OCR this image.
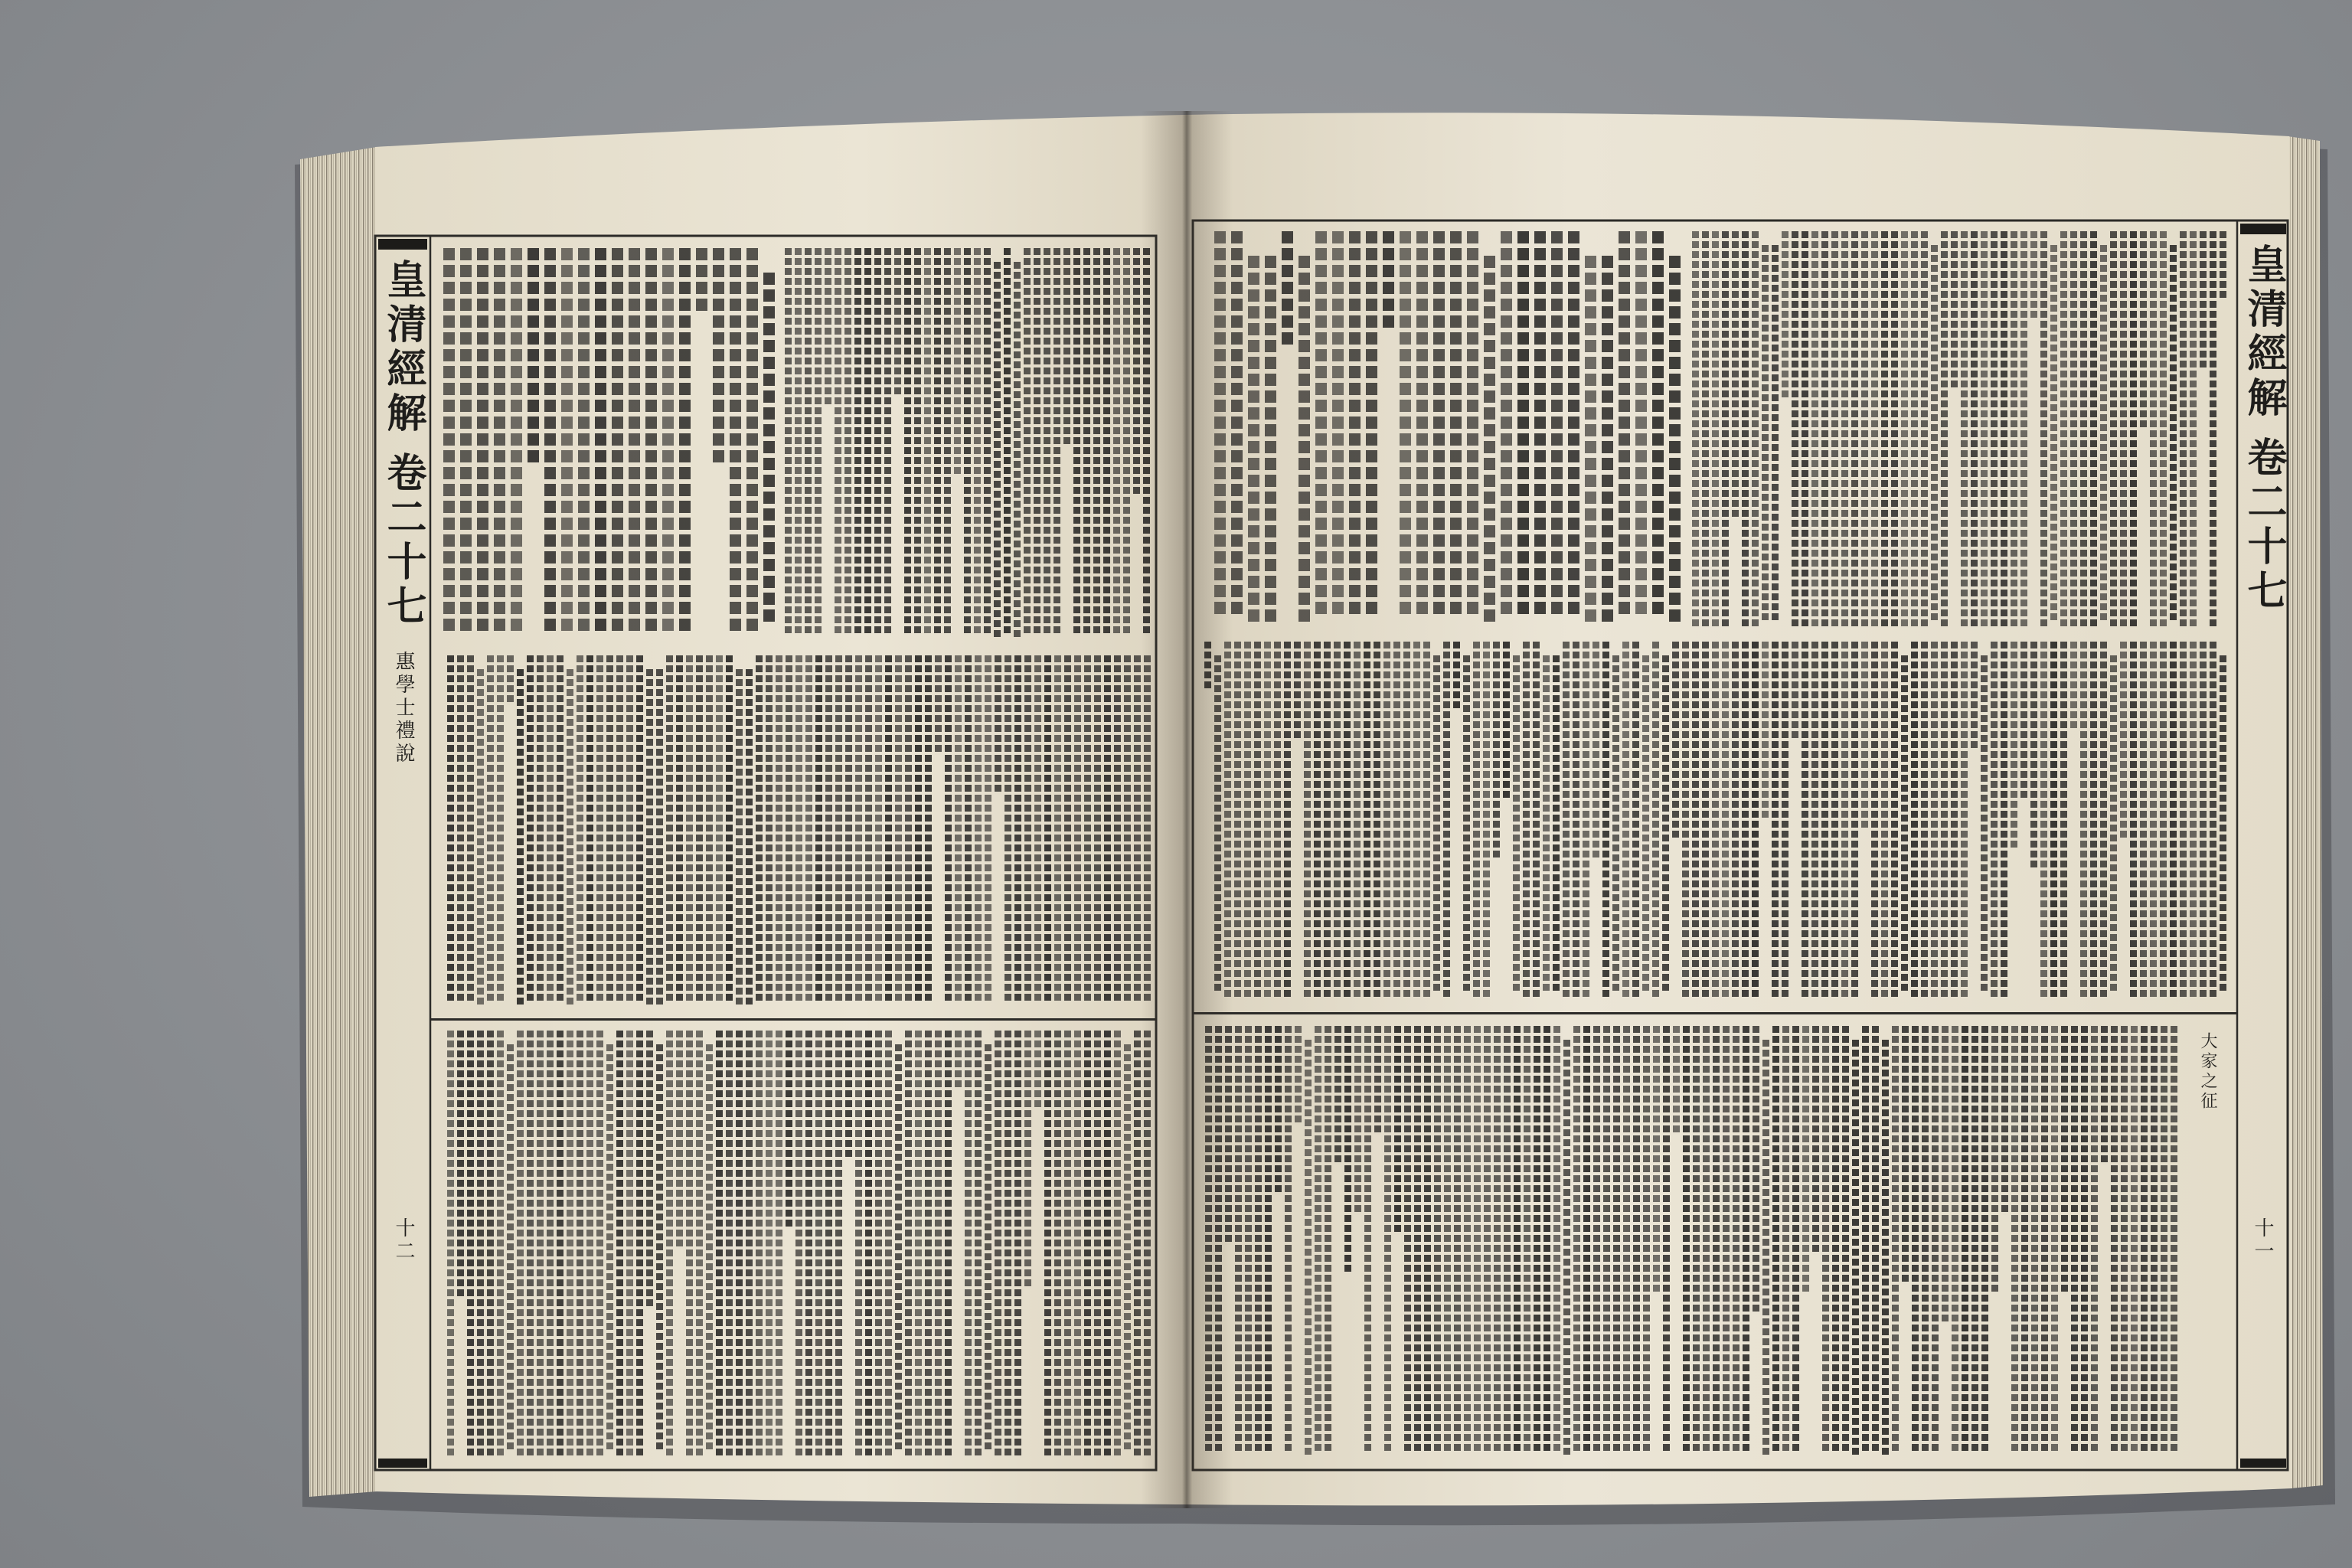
皇清經解
卷二十七
惠學士禮說
十二
皇清經解
卷二十七
十一
大家之征
